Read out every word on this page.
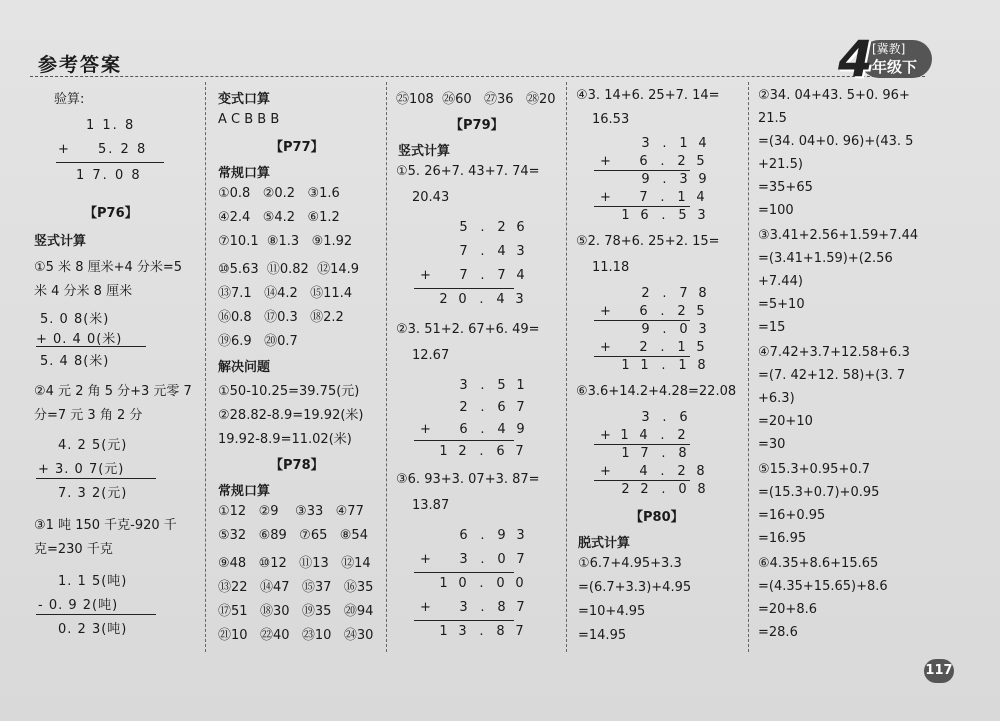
参考答案	4 [冀教]
年级下
验算:
1 1. 8
+ 5. 2 8
1 7. 0 8
【P76】
竖式计算
①5 米 8 厘米+4 分米=5
米 4 分米 8 厘米
5. 0 8(米)
+ 0. 4 0(米)
5. 4 8(米)
②4 元 2 角 5 分+3 元零 7
分=7 元 3 角 2 分
4. 2 5(元)
+ 3. 0 7(元)
7. 3 2(元)
③1 吨 150 千克-920 千
克=230 千克
1. 1 5(吨)
- 0. 9 2(吨)
0. 2 3(吨)
变式口算
A C B B B
【P77】
常规口算
①0.8   ②0.2   ③1.6
④2.4   ⑤4.2   ⑥1.2
⑦10.1  ⑧1.3   ⑨1.92
⑩5.63  ⑪0.82  ⑫14.9
⑬7.1   ⑭4.2   ⑮11.4
⑯0.8   ⑰0.3   ⑱2.2
⑲6.9   ⑳0.7
解决问题
①50-10.25=39.75(元)
②28.82-8.9=19.92(米)
19.92-8.9=11.02(米)
【P78】
常规口算
①12   ②9    ③33   ④77
⑤32   ⑥89   ⑦65   ⑧54
⑨48   ⑩12   ⑪13   ⑫14
⑬22   ⑭47   ⑮37   ⑯35
⑰51   ⑱30   ⑲35   ⑳94
㉑10   ㉒40   ㉓10   ㉔30
㉕108  ㉖60   ㉗36   ㉘20
【P79】
竖式计算
①5. 26+7. 43+7. 74=
20.43
5 . 2 6
7 . 4 3
+	7 . 7 4
2 0 . 4 3
②3. 51+2. 67+6. 49=
12.67
3 . 5 1
2 . 6 7
+	6 . 4 9
1 2 . 6 7
③6. 93+3. 07+3. 87=
13.87
6 . 9 3
+	3 . 0 7
1 0 . 0 0
+	3 . 8 7
1 3 . 8 7
④3. 14+6. 25+7. 14=
16.53
3 . 1 4
+	6 . 2 5
9 . 3 9
+	7 . 1 4
1 6 . 5 3
⑤2. 78+6. 25+2. 15=
11.18
2 . 7 8
+	6 . 2 5
9 . 0 3
+	2 . 1 5
1 1 . 1 8
⑥3.6+14.2+4.28=22.08
3 . 6
+ 1 4 . 2
1 7 . 8
+	4 . 2 8
2 2 . 0 8
【P80】
脱式计算
①6.7+4.95+3.3
=(6.7+3.3)+4.95
=10+4.95
=14.95
②34. 04+43. 5+0. 96+
21.5
=(34. 04+0. 96)+(43. 5
+21.5)
=35+65
=100
③3.41+2.56+1.59+7.44
=(3.41+1.59)+(2.56
+7.44)
=5+10
=15
④7.42+3.7+12.58+6.3
=(7. 42+12. 58)+(3. 7
+6.3)
=20+10
=30
⑤15.3+0.95+0.7
=(15.3+0.7)+0.95
=16+0.95
=16.95
⑥4.35+8.6+15.65
=(4.35+15.65)+8.6
=20+8.6
=28.6
117
